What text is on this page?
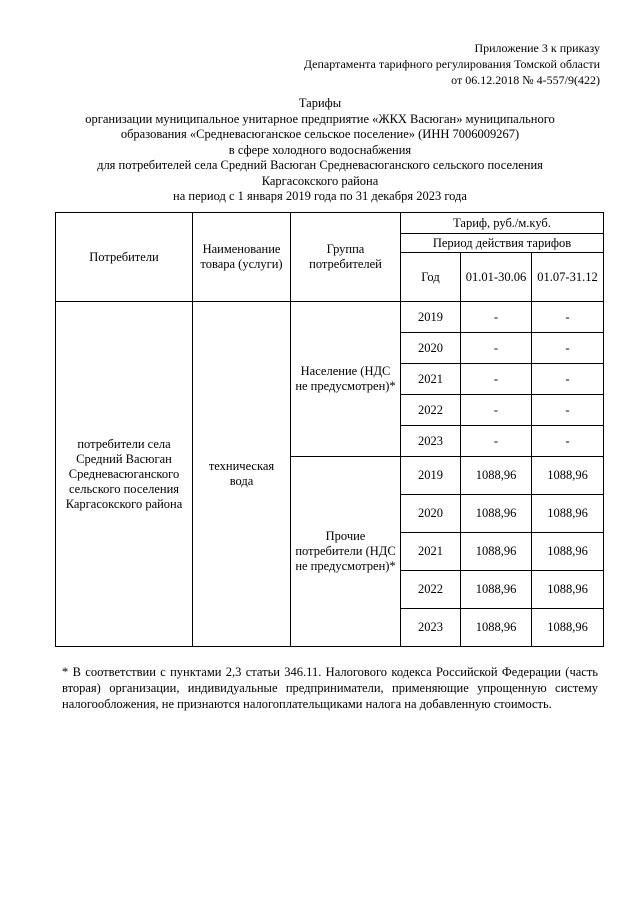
Приложение 3 к приказу
Департамента тарифного регулирования Томской области
от 06.12.2018 № 4-557/9(422)
Тарифы
организации муниципальное унитарное предприятие «ЖКХ Васюган» муниципального
образования «Средневасюганское сельское поселение» (ИНН 7006009267)
в сфере холодного водоснабжения
для потребителей села Средний Васюган Средневасюганского сельского поселения
Каргасокского района
на период с 1 января 2019 года по 31 декабря 2023 года
Потребители	Наименование товара (услуги)	Группа потребителей	Тариф, руб./м.куб.		
			Период действия тарифов		
			Год	01.01-30.06	01.07-31.12
потребители села Средний Васюган Средневасюганского сельского поселения Каргасокского района	техническая вода	Население (НДС не предусмотрен)*	2019	-	-
			2020	-	-
			2021	-	-
			2022	-	-
			2023	-	-
		Прочие потребители (НДС не предусмотрен)*	2019	1088,96	1088,96
			2020	1088,96	1088,96
			2021	1088,96	1088,96
			2022	1088,96	1088,96
			2023	1088,96	1088,96
* В соответствии с пунктами 2,3 статьи 346.11. Налогового кодекса Российской Федерации (часть вторая) организации, индивидуальные предприниматели, применяющие упрощенную систему налогообложения, не признаются налогоплательщиками налога на добавленную стоимость.
